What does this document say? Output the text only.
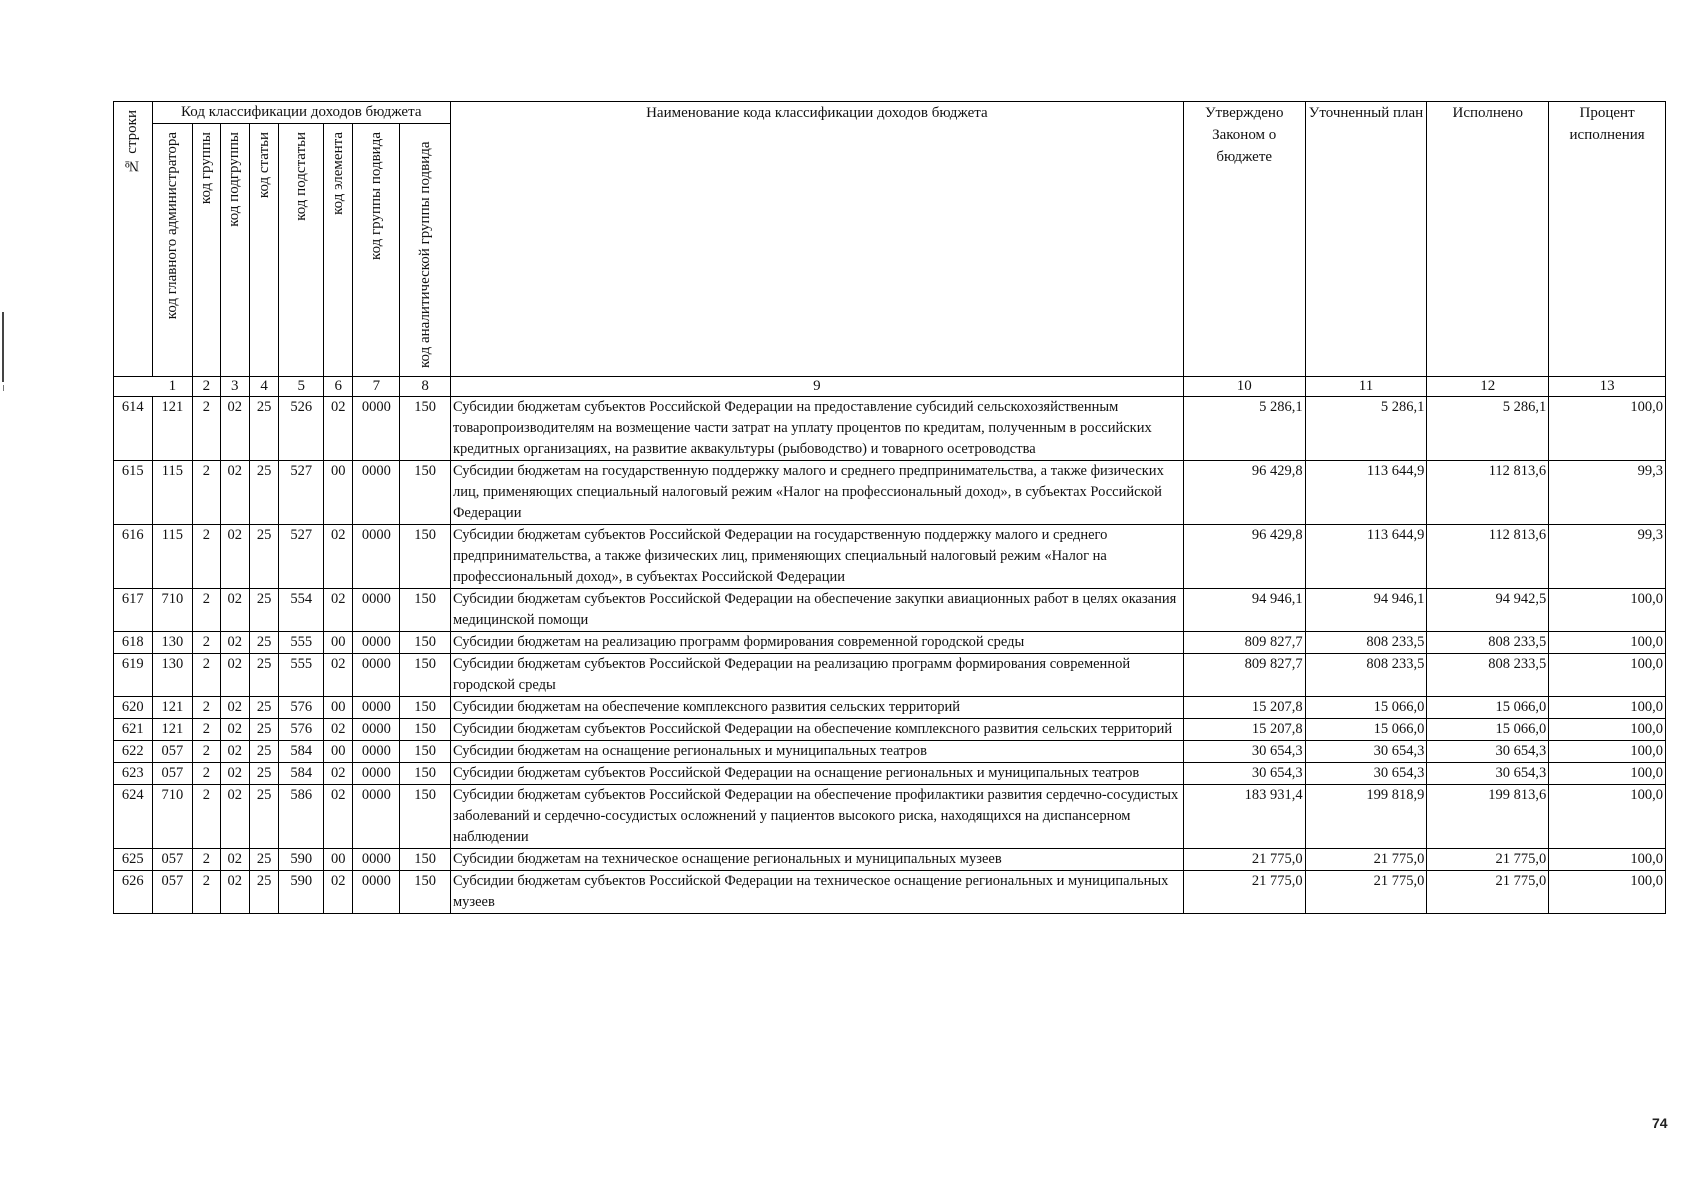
№ строки	Код классификации доходов бюджета								Наименование кода классификации доходов бюджета	Утверждено Законом о бюджете	Уточненный план	Исполнено	Процент исполнения

	код главного администратора	код группы	код подгруппы	код статьи	код подстатьи	код элемента	код группы подвида	код аналитической группы подвида					

	1	2	3	4	5	6	7	8	9	10	11	12	13
614	121	2	02	25	526	02	0000	150	Субсидии бюджетам субъектов Российской Федерации на предоставление субсидий сельскохозяйственным товаропроизводителям на возмещение части затрат на уплату процентов по кредитам, полученным в российских кредитных организациях, на развитие аквакультуры (рыбоводство) и товарного осетроводства	5 286,1	5 286,1	5 286,1	100,0
615	115	2	02	25	527	00	0000	150	Субсидии бюджетам на государственную поддержку малого и среднего предпринимательства, а также физических лиц, применяющих специальный налоговый режим «Налог на профессиональный доход», в субъектах Российской Федерации	96 429,8	113 644,9	112 813,6	99,3
616	115	2	02	25	527	02	0000	150	Субсидии бюджетам субъектов Российской Федерации на государственную поддержку малого и среднего предпринимательства, а также физических лиц, применяющих специальный налоговый режим «Налог на профессиональный доход», в субъектах Российской Федерации	96 429,8	113 644,9	112 813,6	99,3
617	710	2	02	25	554	02	0000	150	Субсидии бюджетам субъектов Российской Федерации на обеспечение закупки авиационных работ в целях оказания медицинской помощи	94 946,1	94 946,1	94 942,5	100,0
618	130	2	02	25	555	00	0000	150	Субсидии бюджетам на реализацию программ формирования современной городской среды	809 827,7	808 233,5	808 233,5	100,0
619	130	2	02	25	555	02	0000	150	Субсидии бюджетам субъектов Российской Федерации на реализацию программ формирования современной городской среды	809 827,7	808 233,5	808 233,5	100,0
620	121	2	02	25	576	00	0000	150	Субсидии бюджетам на обеспечение комплексного развития сельских территорий	15 207,8	15 066,0	15 066,0	100,0
621	121	2	02	25	576	02	0000	150	Субсидии бюджетам субъектов Российской Федерации на обеспечение комплексного развития сельских территорий	15 207,8	15 066,0	15 066,0	100,0
622	057	2	02	25	584	00	0000	150	Субсидии бюджетам на оснащение региональных и муниципальных театров	30 654,3	30 654,3	30 654,3	100,0
623	057	2	02	25	584	02	0000	150	Субсидии бюджетам субъектов Российской Федерации на оснащение региональных и муниципальных театров	30 654,3	30 654,3	30 654,3	100,0
624	710	2	02	25	586	02	0000	150	Субсидии бюджетам субъектов Российской Федерации на обеспечение профилактики развития сердечно-сосудистых заболеваний и сердечно-сосудистых осложнений у пациентов высокого риска, находящихся на диспансерном наблюдении	183 931,4	199 818,9	199 813,6	100,0
625	057	2	02	25	590	00	0000	150	Субсидии бюджетам на техническое оснащение региональных и муниципальных музеев	21 775,0	21 775,0	21 775,0	100,0
626	057	2	02	25	590	02	0000	150	Субсидии бюджетам субъектов Российской Федерации на техническое оснащение региональных и муниципальных музеев	21 775,0	21 775,0	21 775,0	100,0
74
